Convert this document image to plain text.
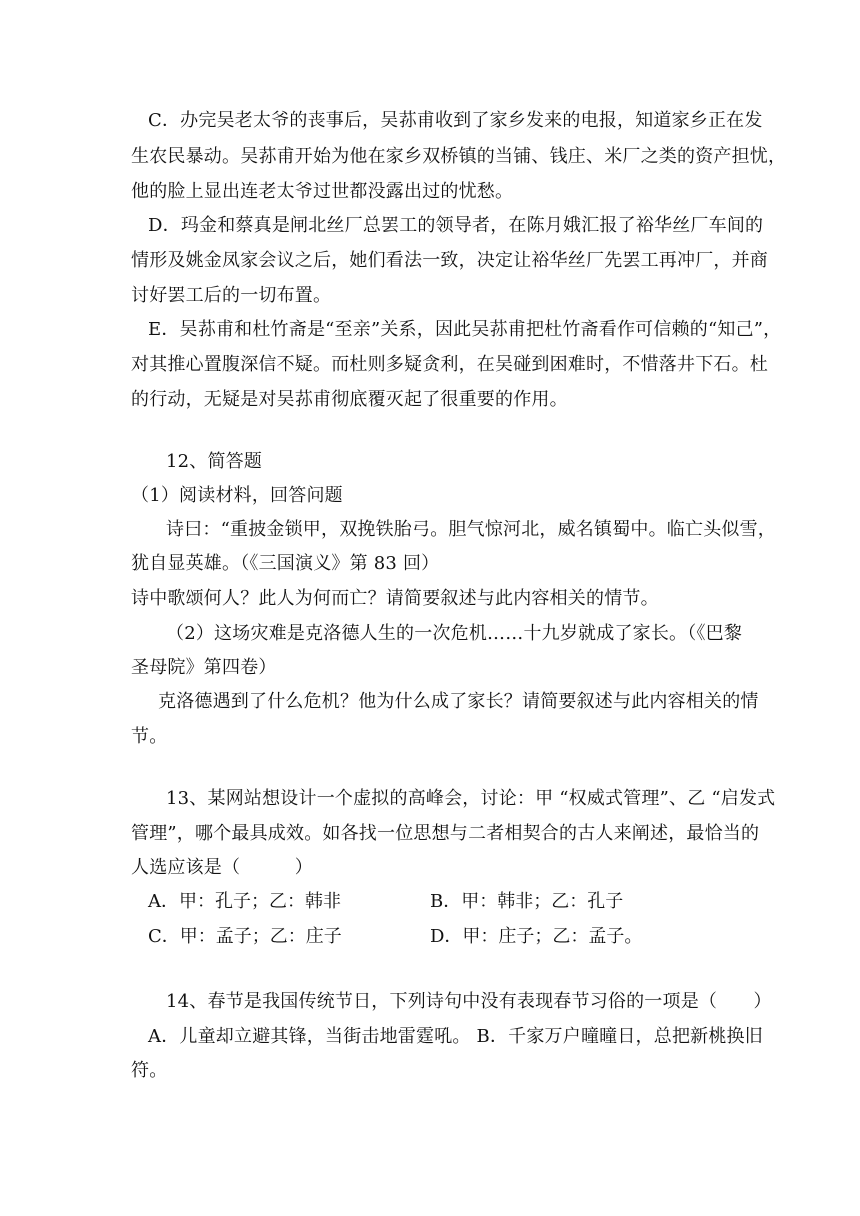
C．办完吴老太爷的丧事后，吴荪甫收到了家乡发来的电报，知道家乡正在发

生农民暴动。吴荪甫开始为他在家乡双桥镇的当铺、钱庄、米厂之类的资产担忧，

他的脸上显出连老太爷过世都没露出过的忧愁。

D．玛金和蔡真是闸北丝厂总罢工的领导者，在陈月娥汇报了裕华丝厂车间的

情形及姚金凤家会议之后，她们看法一致，决定让裕华丝厂先罢工再冲厂，并商

讨好罢工后的一切布置。

E．吴荪甫和杜竹斋是“至亲”关系，因此吴荪甫把杜竹斋看作可信赖的“知己”，

对其推心置腹深信不疑。而杜则多疑贪利，在吴碰到困难时，不惜落井下石。杜

的行动，无疑是对吴荪甫彻底覆灭起了很重要的作用。

12、简答题

（1）阅读材料，回答问题

诗曰：“重披金锁甲，双挽铁胎弓。胆气惊河北，威名镇蜀中。临亡头似雪，

犹自显英雄。（《三国演义》第 83 回）

诗中歌颂何人？此人为何而亡？请简要叙述与此内容相关的情节。

（2）这场灾难是克洛德人生的一次危机……十九岁就成了家长。（《巴黎

圣母院》第四卷）

克洛德遇到了什么危机？他为什么成了家长？请简要叙述与此内容相关的情

节。

13、某网站想设计一个虚拟的高峰会，讨论：甲 “权威式管理”、乙 “启发式

管理”，哪个最具成效。如各找一位思想与二者相契合的古人来阐述，最恰当的

人选应该是（　　　）

A．甲：孔子；乙：韩非	B．甲：韩非；乙：孔子

C．甲：孟子；乙：庄子	D．甲：庄子；乙：孟子。

14、春节是我国传统节日，下列诗句中没有表现春节习俗的一项是（　　）

A．儿童却立避其锋，当街击地雷霆吼。 B．千家万户曈曈日，总把新桃换旧

符。
